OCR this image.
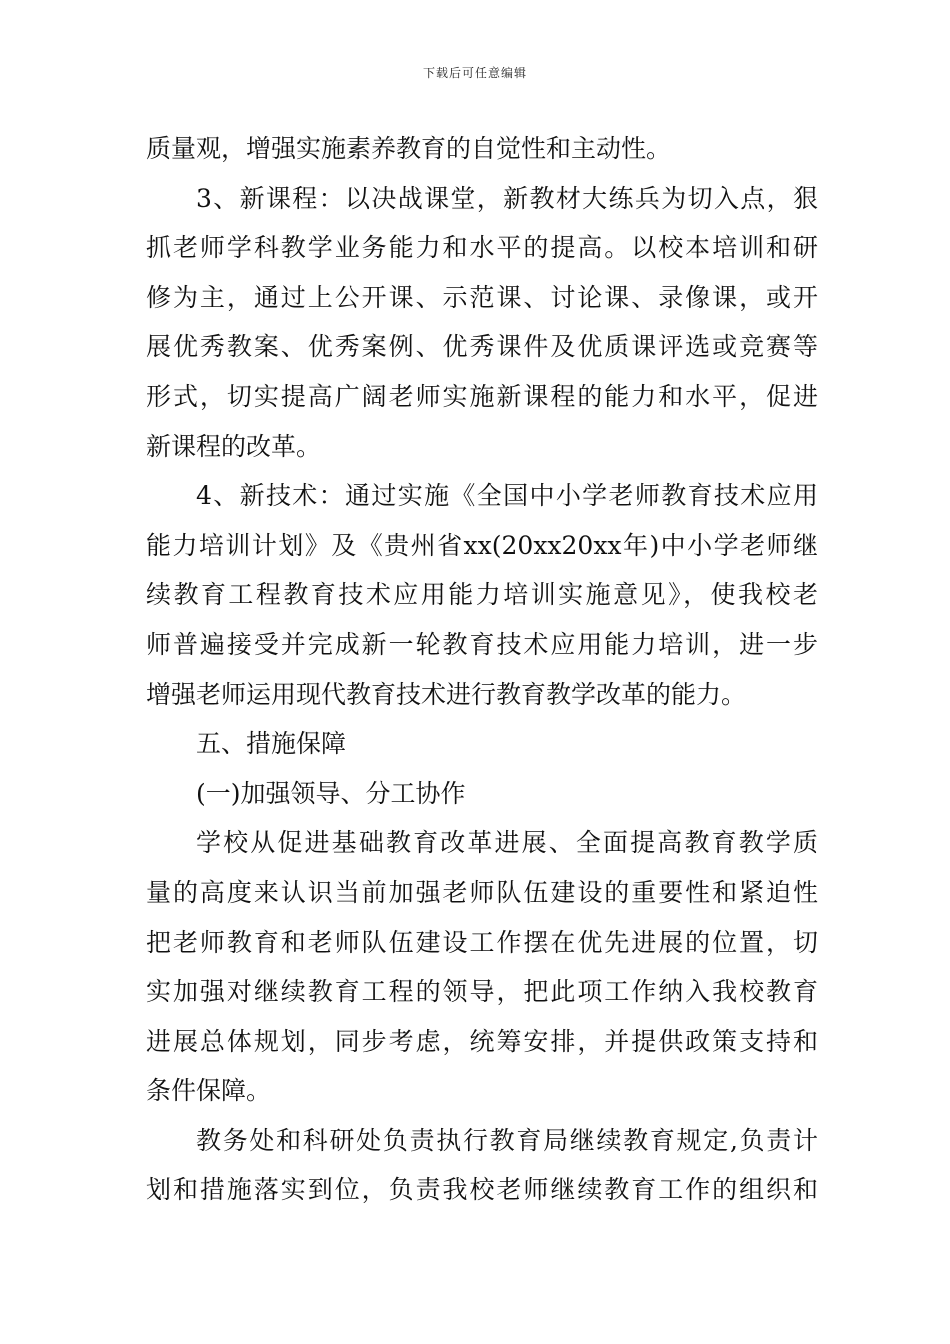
下载后可任意编辑
质量观，增强实施素养教育的自觉性和主动性。
3、新课程：以决战课堂，新教材大练兵为切入点，狠
抓老师学科教学业务能力和水平的提高。以校本培训和研
修为主，通过上公开课、示范课、讨论课、录像课，或开
展优秀教案、优秀案例、优秀课件及优质课评选或竞赛等
形式，切实提高广阔老师实施新课程的能力和水平，促进
新课程的改革。
4、新技术：通过实施《全国中小学老师教育技术应用
能力培训计划》及《贵州省xx(20xx20xx年)中小学老师继
续教育工程教育技术应用能力培训实施意见》，使我校老
师普遍接受并完成新一轮教育技术应用能力培训，进一步
增强老师运用现代教育技术进行教育教学改革的能力。
五、措施保障
(一)加强领导、分工协作
学校从促进基础教育改革进展、全面提高教育教学质
量的高度来认识当前加强老师队伍建设的重要性和紧迫性
把老师教育和老师队伍建设工作摆在优先进展的位置，切
实加强对继续教育工程的领导，把此项工作纳入我校教育
进展总体规划，同步考虑，统筹安排，并提供政策支持和
条件保障。
教务处和科研处负责执行教育局继续教育规定,负责计
划和措施落实到位，负责我校老师继续教育工作的组织和
